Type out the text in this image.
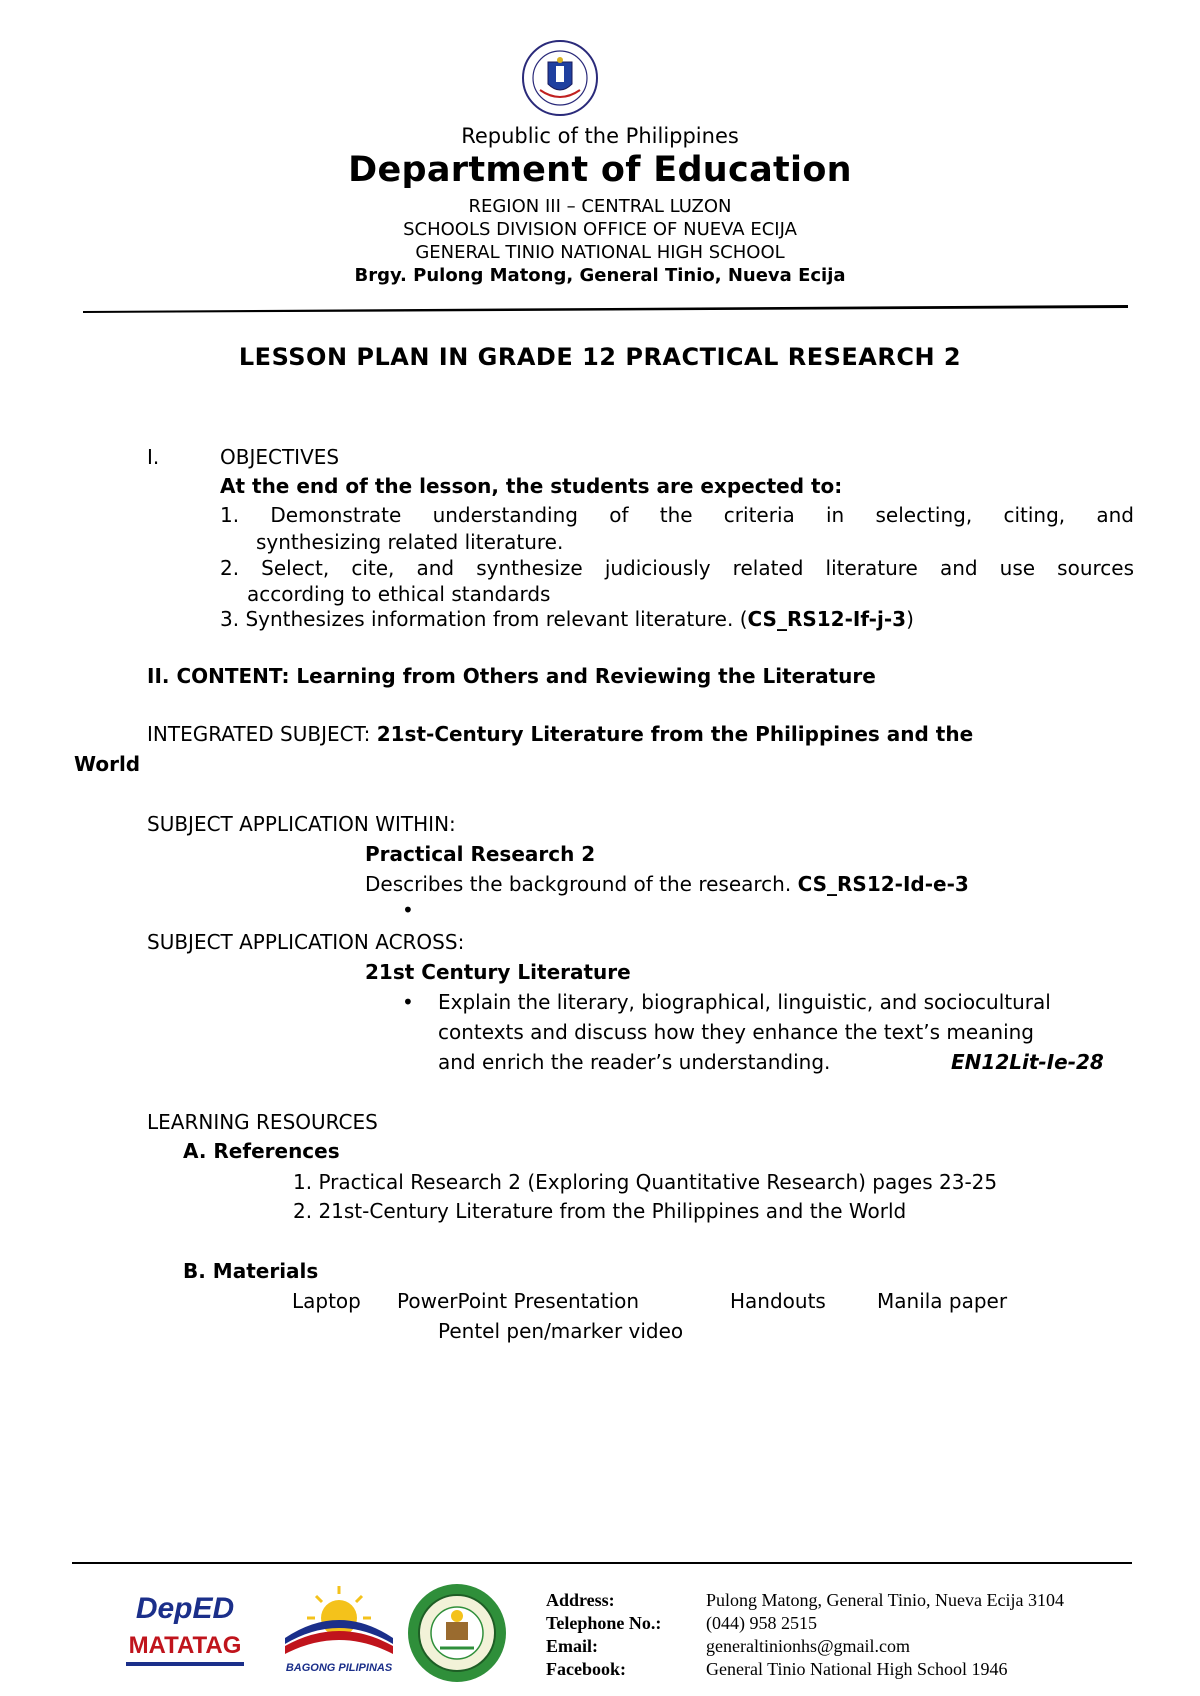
Republic of the Philippines
Department of Education
REGION III – CENTRAL LUZON
SCHOOLS DIVISION OFFICE OF NUEVA ECIJA
GENERAL TINIO NATIONAL HIGH SCHOOL
Brgy. Pulong Matong, General Tinio, Nueva Ecija
LESSON PLAN IN GRADE 12 PRACTICAL RESEARCH 2
I.	OBJECTIVES
At the end of the lesson, the students are expected to:
1. Demonstrate understanding of the criteria in selecting, citing, and
synthesizing related literature.
2. Select, cite, and synthesize judiciously related literature and use sources
according to ethical standards
3. Synthesizes information from relevant literature. (CS_RS12-If-j-3)
II. CONTENT: Learning from Others and Reviewing the Literature
INTEGRATED SUBJECT: 21st-Century Literature from the Philippines and the
World
SUBJECT APPLICATION WITHIN:
Practical Research 2
Describes the background of the research. CS_RS12-Id-e-3
•
SUBJECT APPLICATION ACROSS:
21st Century Literature
• Explain the literary, biographical, linguistic, and sociocultural
contexts and discuss how they enhance the text’s meaning
and enrich the reader’s understanding.	EN12Lit-Ie-28
LEARNING RESOURCES
A. References
1. Practical Research 2 (Exploring Quantitative Research) pages 23-25
2. 21st-Century Literature from the Philippines and the World
B. Materials
Laptop PowerPoint Presentation	Handouts	Manila paper
Pentel pen/marker video
DepED
MATATAG
BAGONG PILIPINAS
Address:	Pulong Matong, General Tinio, Nueva Ecija 3104
Telephone No.: (044) 958 2515
Email:	generaltinionhs@gmail.com
Facebook:	General Tinio National High School 1946
